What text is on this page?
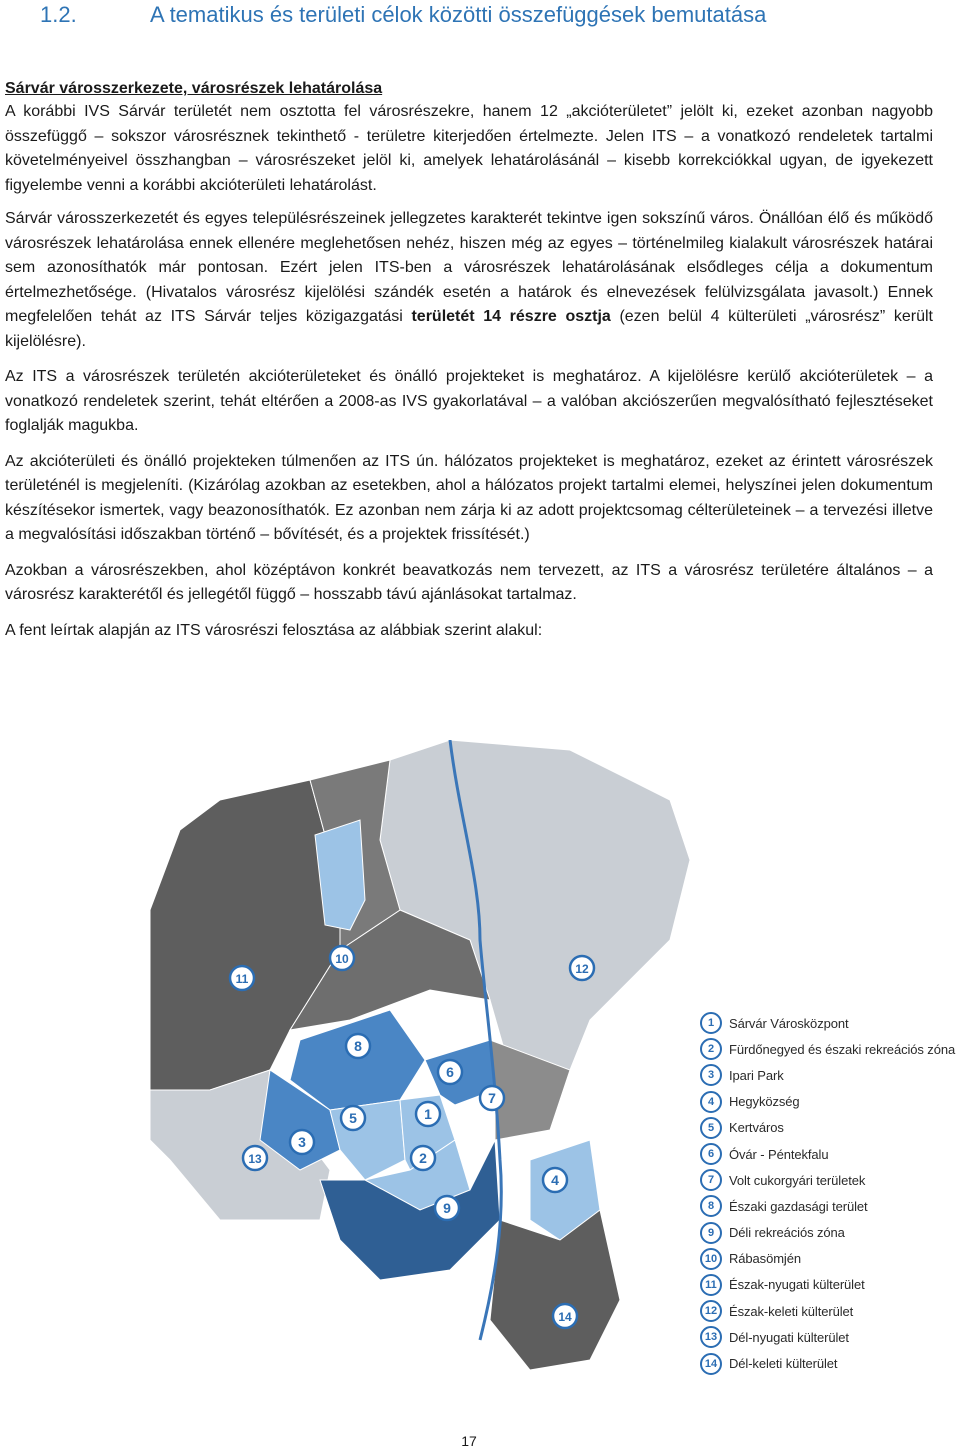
1.2.	A tematikus és területi célok közötti összefüggések bemutatása

Sárvár városszerkezete, városrészek lehatárolása

A korábbi IVS Sárvár területét nem osztotta fel városrészekre, hanem 12 „akcióterületet” jelölt ki, ezeket azonban nagyobb összefüggő – sokszor városrésznek tekinthető - területre kiterjedően értelmezte. Jelen ITS – a vonatkozó rendeletek tartalmi követelményeivel összhangban – városrészeket jelöl ki, amelyek lehatárolásánál – kisebb korrekciókkal ugyan, de igyekezett figyelembe venni a korábbi akcióterületi lehatárolást.

Sárvár városszerkezetét és egyes településrészeinek jellegzetes karakterét tekintve igen sokszínű város. Önállóan élő és működő városrészek lehatárolása ennek ellenére meglehetősen nehéz, hiszen még az egyes – történelmileg kialakult városrészek határai sem azonosíthatók már pontosan. Ezért jelen ITS-ben a városrészek lehatárolásának elsődleges célja a dokumentum értelmezhetősége. (Hivatalos városrész kijelölési szándék esetén a határok és elnevezések felülvizsgálata javasolt.) Ennek megfelelően tehát az ITS Sárvár teljes közigazgatási területét 14 részre osztja (ezen belül 4 külterületi „városrész” került kijelölésre).

Az ITS a városrészek területén akcióterületeket és önálló projekteket is meghatároz. A kijelölésre kerülő akcióterületek – a vonatkozó rendeletek szerint, tehát eltérően a 2008-as IVS gyakorlatával – a valóban akciószerűen megvalósítható fejlesztéseket foglalják magukba.

Az akcióterületi és önálló projekteken túlmenően az ITS ún. hálózatos projekteket is meghatároz, ezeket az érintett városrészek területénél is megjeleníti. (Kizárólag azokban az esetekben, ahol a hálózatos projekt tartalmi elemei, helyszínei jelen dokumentum készítésekor ismertek, vagy beazonosíthatók. Ez azonban nem zárja ki az adott projektcsomag célterületeinek – a tervezési illetve a megvalósítási időszakban történő – bővítését, és a projektek frissítését.)

Azokban a városrészekben, ahol középtávon konkrét beavatkozás nem tervezett, az ITS a városrész területére általános – a városrész karakterétől és jellegétől függő – hosszabb távú ajánlásokat tartalmaz.

A fent leírtak alapján az ITS városrészi felosztása az alábbiak szerint alakul:

1
2
3
4
5
6
7
8
9
10
11
12
13
14
1	Sárvár Városközpont
2	Fürdőnegyed és északi rekreációs zóna
3	Ipari Park
4	Hegyközség
5	Kertváros
6	Óvár - Péntekfalu
7	Volt cukorgyári területek
8	Északi gazdasági terület
9	Déli rekreációs zóna
10 Rábasömjén
11 Észak-nyugati külterület
12 Észak-keleti külterület
13 Dél-nyugati külterület
14 Dél-keleti külterület
17
